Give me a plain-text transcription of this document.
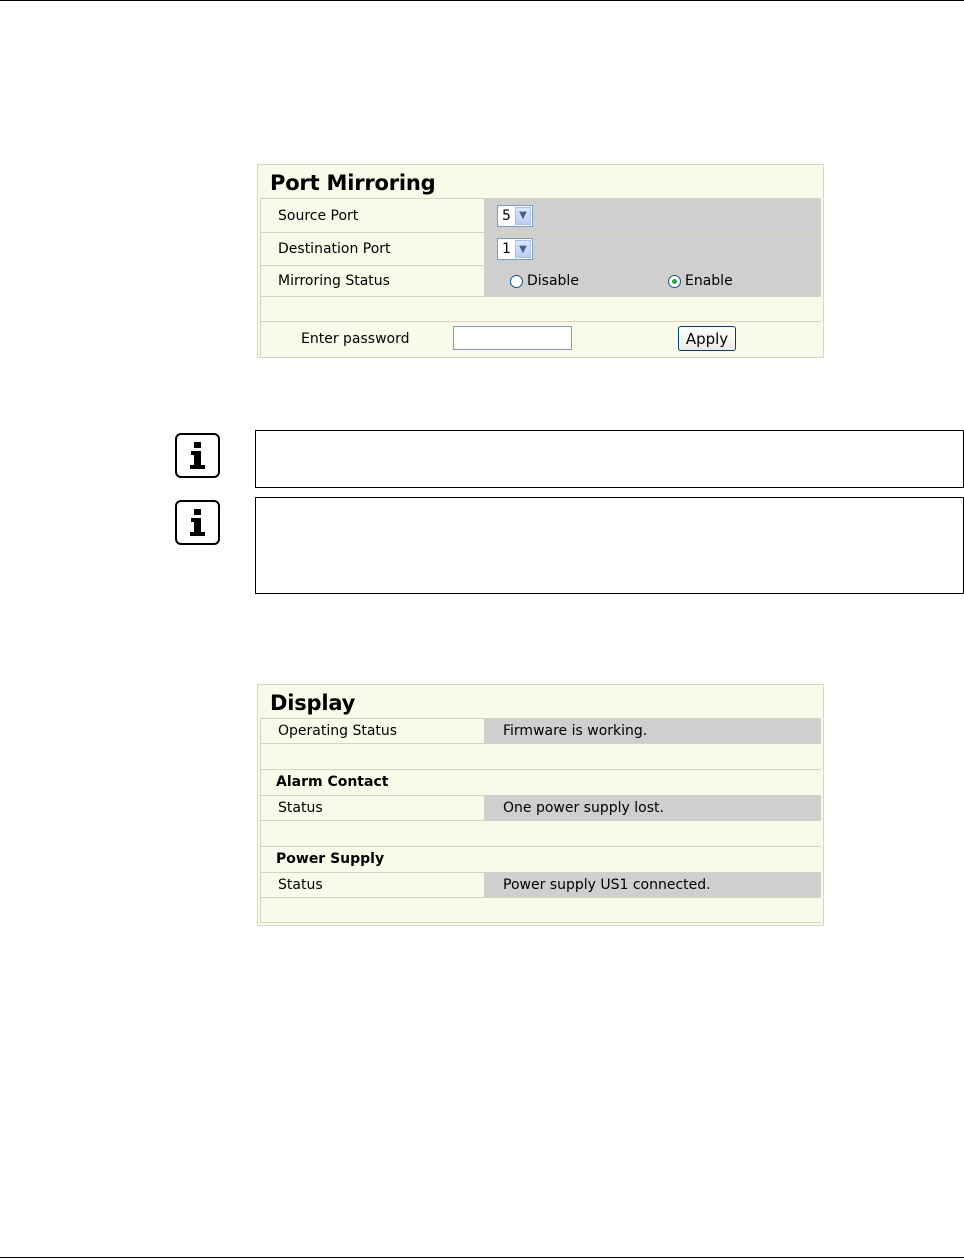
Port Mirroring
Source Port	5 ▼
Destination Port	1 ▼
Mirroring Status	Disable	Enable
Enter password	Apply
Display
Operating Status	Firmware is working.
Alarm Contact
Status	One power supply lost.
Power Supply
Status	Power supply US1 connected.
